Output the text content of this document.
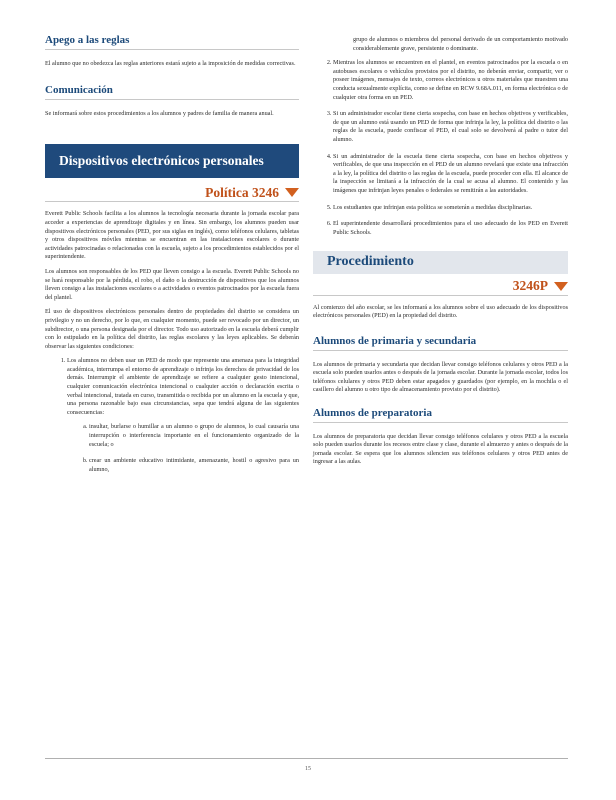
Apego a las reglas

El alumno que no obedezca las reglas anteriores estará sujeto a la imposición de medidas correctivas.

Comunicación

Se informará sobre estos procedimientos a los alumnos y padres de familia de manera anual.

Dispositivos electrónicos personales
Política 3246

Everett Public Schools facilita a los alumnos la tecnología necesaria durante la jornada escolar para acceder a experiencias de aprendizaje digitales y en línea. Sin embargo, los alumnos pueden usar dispositivos electrónicos personales (PED, por sus siglas en inglés), como teléfonos celulares, tabletas y otros dispositivos móviles mientras se encuentran en las instalaciones escolares o durante actividades patrocinadas o relacionadas con la escuela, sujeto a los procedimientos establecidos por el superintendente.

Los alumnos son responsables de los PED que lleven consigo a la escuela. Everett Public Schools no se hará responsable por la pérdida, el robo, el daño o la destrucción de dispositivos que los alumnos lleven consigo a las instalaciones escolares o a actividades o eventos patrocinados por la escuela fuera del plantel.

El uso de dispositivos electrónicos personales dentro de propiedades del distrito se considera un privilegio y no un derecho, por lo que, en cualquier momento, puede ser revocado por un director, un subdirector, o una persona designada por el director. Todo uso autorizado en la escuela deberá cumplir con lo estipulado en la política del distrito, las reglas escolares y las leyes aplicables. Se deberán observar las siguientes condiciones:

1. Los alumnos no deben usar un PED de modo que represente una amenaza para la integridad académica, interrumpa el entorno de aprendizaje o infrinja los derechos de privacidad de los demás. Interrumpir el ambiente de aprendizaje se refiere a cualquier gesto intencional, cualquier comunicación electrónica intencional o cualquier acción o declaración escrita o verbal intencional, tratada en curso, transmitida o recibida por un alumno en la escuela y que, una persona razonable bajo esas circunstancias, sepa que tendrá alguna de las siguientes consecuencias:
a. insultar, burlarse o humillar a un alumno o grupo de alumnos, lo cual causaría una interrupción o interferencia importante en el funcionamiento organizado de la escuela; o
b. crear un ambiente educativo intimidante, amenazante, hostil o agresivo para un alumno,

grupo de alumnos o miembros del personal derivado de un comportamiento motivado considerablemente grave, persistente o dominante.

2. Mientras los alumnos se encuentren en el plantel, en eventos patrocinados por la escuela o en autobuses escolares o vehículos provistos por el distrito, no deberán enviar, compartir, ver o poseer imágenes, mensajes de texto, correos electrónicos u otros materiales que muestren una conducta sexualmente explícita, como se define en RCW 9.68A.011, en forma electrónica o de cualquier otra forma en un PED.
3. Si un administrador escolar tiene cierta sospecha, con base en hechos objetivos y verificables, de que un alumno está usando un PED de forma que infrinja la ley, la política del distrito o las reglas de la escuela, puede confiscar el PED, el cual solo se devolverá al padre o tutor del alumno.
4. Si un administrador de la escuela tiene cierta sospecha, con base en hechos objetivos y verificables, de que una inspección en el PED de un alumno revelará que existe una infracción a la ley, la política del distrito o las reglas de la escuela, puede proceder con ella. El alcance de la inspección se limitará a la infracción de la cual se acusa al alumno. El contenido y las imágenes que infrinjan leyes penales o federales se remitirán a las autoridades.
5. Los estudiantes que infrinjan esta política se someterán a medidas disciplinarias.
6. El superintendente desarrollará procedimientos para el uso adecuado de los PED en Everett Public Schools.
Procedimiento
3246P

Al comienzo del año escolar, se les informará a los alumnos sobre el uso adecuado de los dispositivos electrónicos personales (PED) en la propiedad del distrito.

Alumnos de primaria y secundaria

Los alumnos de primaria y secundaria que decidan llevar consigo teléfonos celulares y otros PED a la escuela solo pueden usarlos antes o después de la jornada escolar. Durante la jornada escolar, todos los teléfonos celulares y otros PED deben estar apagados y guardados (por ejemplo, en la mochila o el casillero del alumno u otro tipo de almacenamiento provisto por el distrito).

Alumnos de preparatoria

Los alumnos de preparatoria que decidan llevar consigo teléfonos celulares y otros PED a la escuela solo pueden usarlos durante los recesos entre clase y clase, durante el almuerzo y antes o después de la jornada escolar. Se espera que los alumnos silencien sus teléfonos celulares y otros PED antes de ingresar a las aulas.

15
